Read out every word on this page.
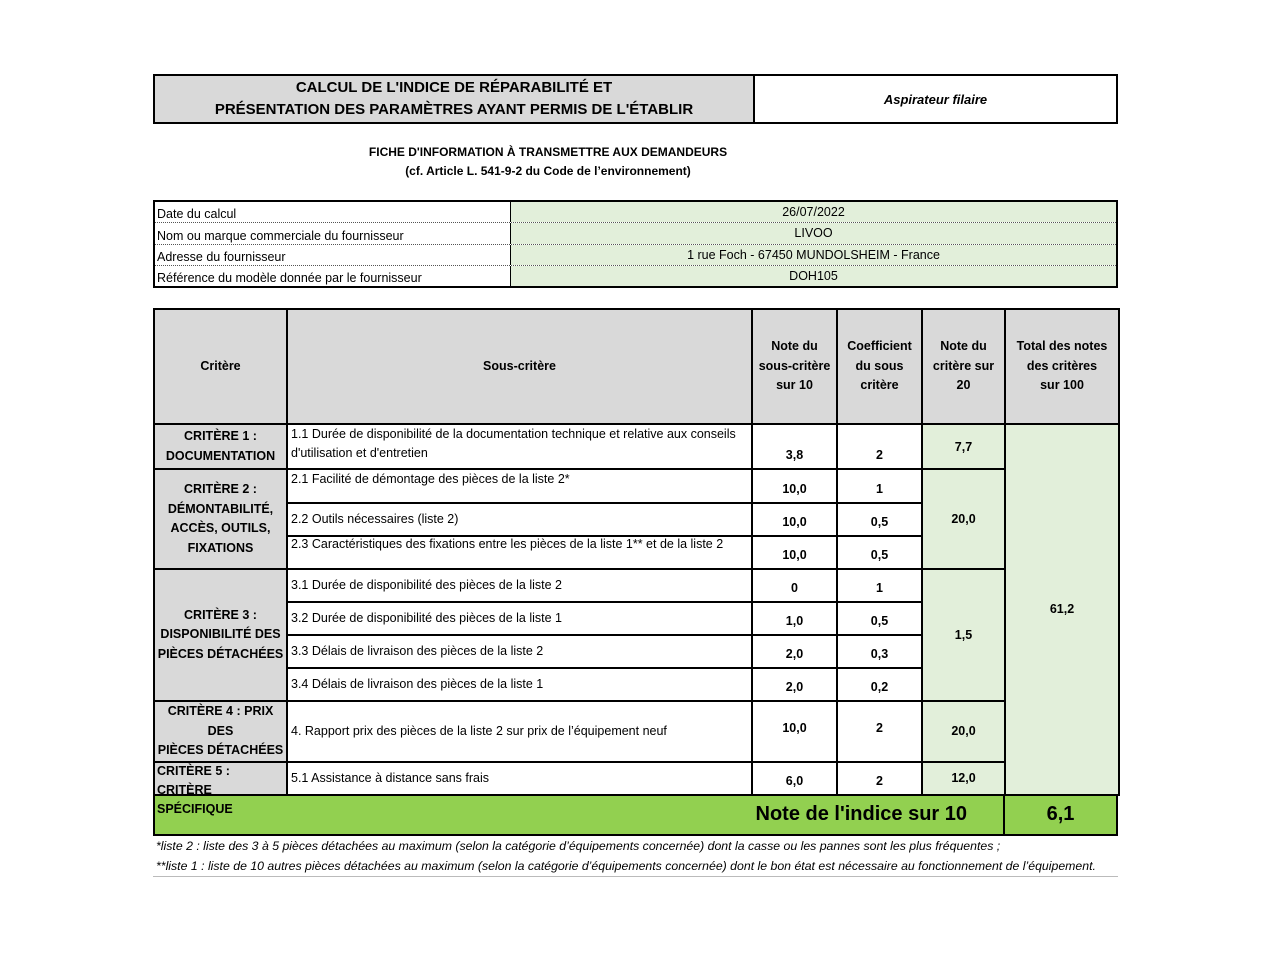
CALCUL DE L'INDICE DE RÉPARABILITÉ ET
PRÉSENTATION DES PARAMÈTRES AYANT PERMIS DE L'ÉTABLIR
Aspirateur filaire
FICHE D'INFORMATION À TRANSMETTRE AUX DEMANDEURS
(cf. Article L. 541-9-2 du Code de l’environnement)
Date du calcul	26/07/2022
Nom ou marque commerciale du fournisseur	LIVOO
Adresse du fournisseur	1 rue Foch - 67450 MUNDOLSHEIM - France
Référence du modèle donnée par le fournisseur	DOH105
Critère	Sous-critère	Note du
sous-critère
sur 10	Coefficient
du sous
critère	Note du
critère sur
20	Total des notes
des critères
sur 100
CRITÈRE 1 :
DOCUMENTATION	1.1 Durée de disponibilité de la documentation technique et relative aux conseils d'utilisation et d'entretien	3,8	2	7,7	61,2
CRITÈRE 2 :
DÉMONTABILITÉ,
ACCÈS, OUTILS,
FIXATIONS	2.1 Facilité de démontage des pièces de la liste 2*	10,0	1	20,0	
	2.2 Outils nécessaires (liste 2)	10,0	0,5		

	2.3 Caractéristiques des fixations entre les pièces de la liste 1** et de la liste 2	10,0	0,5		
CRITÈRE 3 :
DISPONIBILITÉ DES
PIÈCES DÉTACHÉES	3.1 Durée de disponibilité des pièces de la liste 2	0	1	1,5	
	3.2 Durée de disponibilité des pièces de la liste 1	1,0	0,5		
	3.3 Délais de livraison des pièces de la liste 2	2,0	0,3		
	3.4 Délais de livraison des pièces de la liste 1	2,0	0,2		
CRITÈRE 4 : PRIX DES
PIÈCES DÉTACHÉES	4. Rapport prix des pièces de la liste 2 sur prix de l’équipement neuf	10,0	2	20,0	

CRITÈRE 5 : CRITÈRE
SPÉCIFIQUE	5.1 Assistance à distance sans frais	6,0	2	12,0	
Note de l'indice sur 10	6,1
*liste 2 : liste des 3 à 5 pièces détachées au maximum (selon la catégorie d’équipements concernée) dont la casse ou les pannes sont les plus fréquentes ;
**liste 1 : liste de 10 autres pièces détachées au maximum (selon la catégorie d’équipements concernée) dont le bon état est nécessaire au fonctionnement de l’équipement.
